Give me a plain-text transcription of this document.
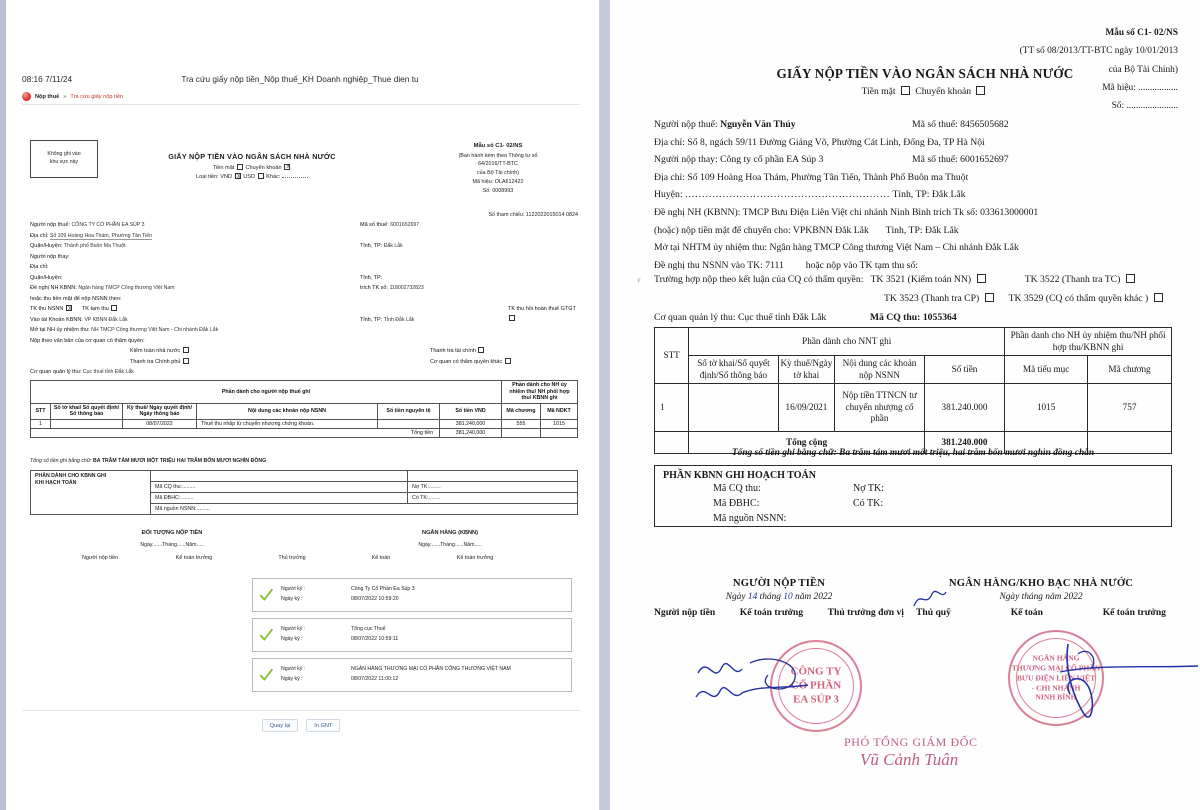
08:16 7/11/24	Tra cứu giấy nộp tiền_Nộp thuế_KH Doanh nghiệp_Thue dien tu
Nộp thuế » Tra cứu giấy nộp tiền
Không ghi vào
khu vực này
GIẤY NỘP TIỀN VÀO NGÂN SÁCH NHÀ NƯỚC
Tiền mặt Chuyển khoản X
Loại tiền: VND X USD Khác:
Mẫu số C1- 02/NS
(Ban hành kèm theo Thông tư số
64/2016/TT-BTC
của Bộ Tài chính)
Mã hiệu: OLA612422
Số: 0008993
Số tham chiếu: 1122022015014 0824
Người nộp thuế: CÔNG TY CỔ PHẦN EA SÚP 3	Mã số thuế: 6001652697
Địa chỉ: Số 109 Hoàng Hoa Thám, Phường Tân Tiến
Quận/Huyện: Thành phố Buôn Ma Thuột	Tỉnh, TP: Đắk Lắk
Người nộp thay:
Địa chỉ:
Quận/Huyện:	Tỉnh, TP:
Đề nghị NH KBNN: Ngân hàng TMCP Công thương Việt Nam	trích TK số: 118002732823
hoặc thu tiền mặt để nộp NSNN theo:
TK thu NSNN X	TK tạm thu	TK thu hồi hoàn thuế GTGT
Vào tài Khoản KBNN: VP KBNN Đắk Lắk	Tỉnh, TP: Tỉnh Đắk Lắk
Mở tại NH ủy nhiệm thu: NH TMCP Công thương Việt Nam - Chi nhánh Đắk Lắk
Nộp theo văn bản của cơ quan có thẩm quyền:
Kiểm toán nhà nước	Thanh tra tài chính
Thanh tra Chính phủ	Cơ quan có thẩm quyền khác
Cơ quan quản lý thu: Cục thuế tỉnh Đắk Lắk
Phần dành cho người nộp thuế ghi						Phần dành cho NH ủy nhiệm thu/ NH phối hợp thu/ KBNN ghi	
STT	Số tờ khai/ Số quyết định/ Số thông báo	Kỳ thuế/ Ngày quyết định/ Ngày thông báo	Nội dung các khoản nộp NSNN	Số tiền nguyên tệ	Số tiền VND	Mã chương	Mã NDKT
1		08/07/2022	Thuế thu nhập từ chuyển nhượng chứng khoán.		381,240,000	555	1015
Tổng tiền					381,240,000		
Tổng số tiền ghi bằng chữ: BA TRĂM TÁM MƯƠI MỘT TRIỆU HAI TRĂM BỐN MƯƠI NGHÌN ĐỒNG
PHẦN DÀNH CHO KBNN GHI
KHI HẠCH TOÁN		
	Mã CQ thu:.........	Nợ TK:........
	Mã ĐBHC:.........	Có TK:........
	Mã nguồn NSNN:.........	
ĐỐI TƯỢNG NỘP TIỀN	NGÂN HÀNG (KBNN)
Ngày.......Tháng......Năm.....	Ngày.......Tháng......Năm.....
Người nộp tiền	Kế toán trưởng	Thủ trưởng	Kế toán	Kế toán trưởng
Người ký :
Ngày ký :
Công Ty Cổ Phần Ea Súp 3
08/07/2022 10:59:20
Người ký :
Ngày ký :
Tổng cục Thuế
08/07/2022 10:59:11
Người ký :
Ngày ký :
NGÂN HÀNG THƯƠNG MẠI CỔ PHẦN CÔNG THƯƠNG VIỆT NAM
08/07/2022 11:00:12
Quay lại	In GNT
Mẫu số C1- 02/NS
(TT số 08/2013/TT-BTC ngày 10/01/2013
của Bộ Tài Chính)
Mã hiệu: .................
Số: ......................
GIẤY NỘP TIỀN VÀO NGÂN SÁCH NHÀ NƯỚC
Tiền mặt Chuyển khoản
Người nộp thuế: Nguyễn Văn Thúy	Mã số thuế: 8456505682
Địa chỉ: Số 8, ngách 59/11 Đường Giảng Võ, Phường Cát Linh, Đống Đa, TP Hà Nội
Người nộp thay: Công ty cổ phần EA Súp 3	Mã số thuế: 6001652697
Địa chỉ: Số 109 Hoàng Hoa Thám, Phường Tân Tiến, Thành Phố Buôn ma Thuột
Huyện: ............................................................ Tỉnh, TP: Đắk Lắk
Đề nghị NH (KBNN): TMCP Bưu Điện Liên Việt chi nhánh Ninh Bình trích Tk số: 033613000001
(hoặc) nộp tiền mặt để chuyển cho: VPKBNN Đắk Lắk Tỉnh, TP: Đắk Lắk
Mở tại NHTM ủy nhiệm thu: Ngân hàng TMCP Công thương Việt Nam – Chi nhánh Đắk Lắk
Đề nghị thu NSNN vào TK: 7111 hoặc nộp vào TK tạm thu số:
r Trường hợp nộp theo kết luận của CQ có thẩm quyền: TK 3521 (Kiểm toán NN)	TK 3522 (Thanh tra TC)
TK 3523 (Thanh tra CP)	TK 3529 (CQ có thẩm quyền khác )
Cơ quan quản lý thu: Cục thuế tỉnh Đắk Lắk	Mã CQ thu: 1055364
STT	Phần dành cho NNT ghi				Phần danh cho NH ủy nhiệm thu/NH phối hợp thu/KBNN ghi	
	Số tờ khai/Số quyết định/Số thông báo	Kỳ thuế/Ngày tờ khai	Nội dung các khoản nộp NSNN	Số tiền	Mã tiểu mục	Mã chương
1		16/09/2021	Nộp tiền TTNCN tư chuyển nhượng cổ phần	381.240.000	1015	757
	Tổng cộng			381.240.000		
Tổng số tiền ghi bằng chữ: Ba trăm tám mươi mốt triệu, hai trăm bốn mươi nghìn đồng chẵn
PHẦN KBNN GHI HOẠCH TOÁN
Mã CQ thu:	Nợ TK:
Mã ĐBHC:	Có TK:
Mã nguồn NSNN:
NGƯỜI NỘP TIỀN
Ngày 14 tháng 10 năm 2022
Người nộp tiền	Kế toán trưởng	Thủ trưởng đơn vị
NGÂN HÀNG/KHO BẠC NHÀ NƯỚC
Ngày tháng năm 2022
Thủ quỹ	Kế toán	Kế toán trưởng
CÔNG TY
CỔ PHẦN
EA SÚP 3
NGÂN HÀNG
THƯƠNG MẠI CỔ PHẦN
BƯU ĐIỆN LIÊN VIỆT
- CHI NHÁNH
NINH BÌNH
PHÓ TỔNG GIÁM ĐỐC
Vũ Cảnh Tuân
